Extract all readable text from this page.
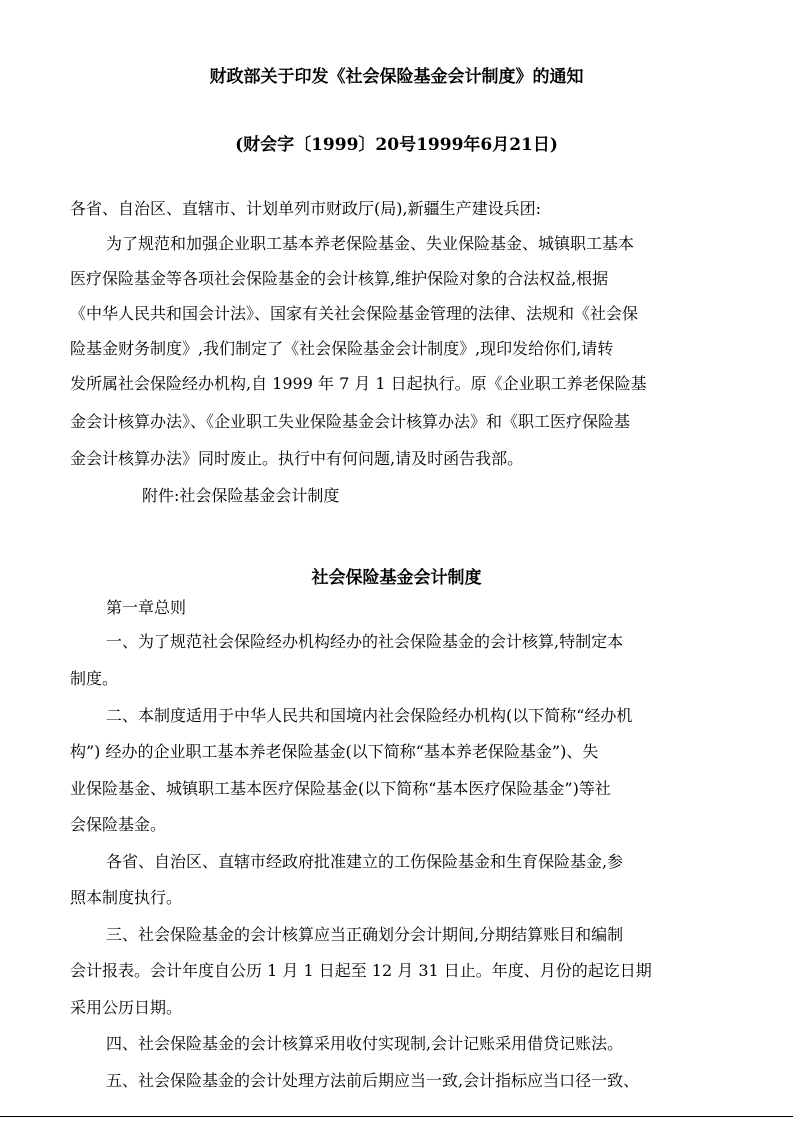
财政部关于印发《社会保险基金会计制度》的通知
(财会字〔1999〕20号1999年6月21日)
各省、自治区、直辖市、计划单列市财政厅(局),新疆生产建设兵团:
为了规范和加强企业职工基本养老保险基金、失业保险基金、城镇职工基本
医疗保险基金等各项社会保险基金的会计核算,维护保险对象的合法权益,根据
《中华人民共和国会计法》、国家有关社会保险基金管理的法律、法规和《社会保
险基金财务制度》,我们制定了《社会保险基金会计制度》,现印发给你们,请转
发所属社会保险经办机构,自 1999 年 7 月 1 日起执行。原《企业职工养老保险基
金会计核算办法》、《企业职工失业保险基金会计核算办法》和《职工医疗保险基
金会计核算办法》同时废止。执行中有何问题,请及时函告我部。
附件:社会保险基金会计制度
社会保险基金会计制度
第一章总则
一、为了规范社会保险经办机构经办的社会保险基金的会计核算,特制定本
制度。
二、本制度适用于中华人民共和国境内社会保险经办机构(以下简称“经办机
构”) 经办的企业职工基本养老保险基金(以下简称“基本养老保险基金”)、失
业保险基金、城镇职工基本医疗保险基金(以下简称“基本医疗保险基金”)等社
会保险基金。
各省、自治区、直辖市经政府批准建立的工伤保险基金和生育保险基金,参
照本制度执行。
三、社会保险基金的会计核算应当正确划分会计期间,分期结算账目和编制
会计报表。会计年度自公历 1 月 1 日起至 12 月 31 日止。年度、月份的起讫日期
采用公历日期。
四、社会保险基金的会计核算采用收付实现制,会计记账采用借贷记账法。
五、社会保险基金的会计处理方法前后期应当一致,会计指标应当口径一致、
